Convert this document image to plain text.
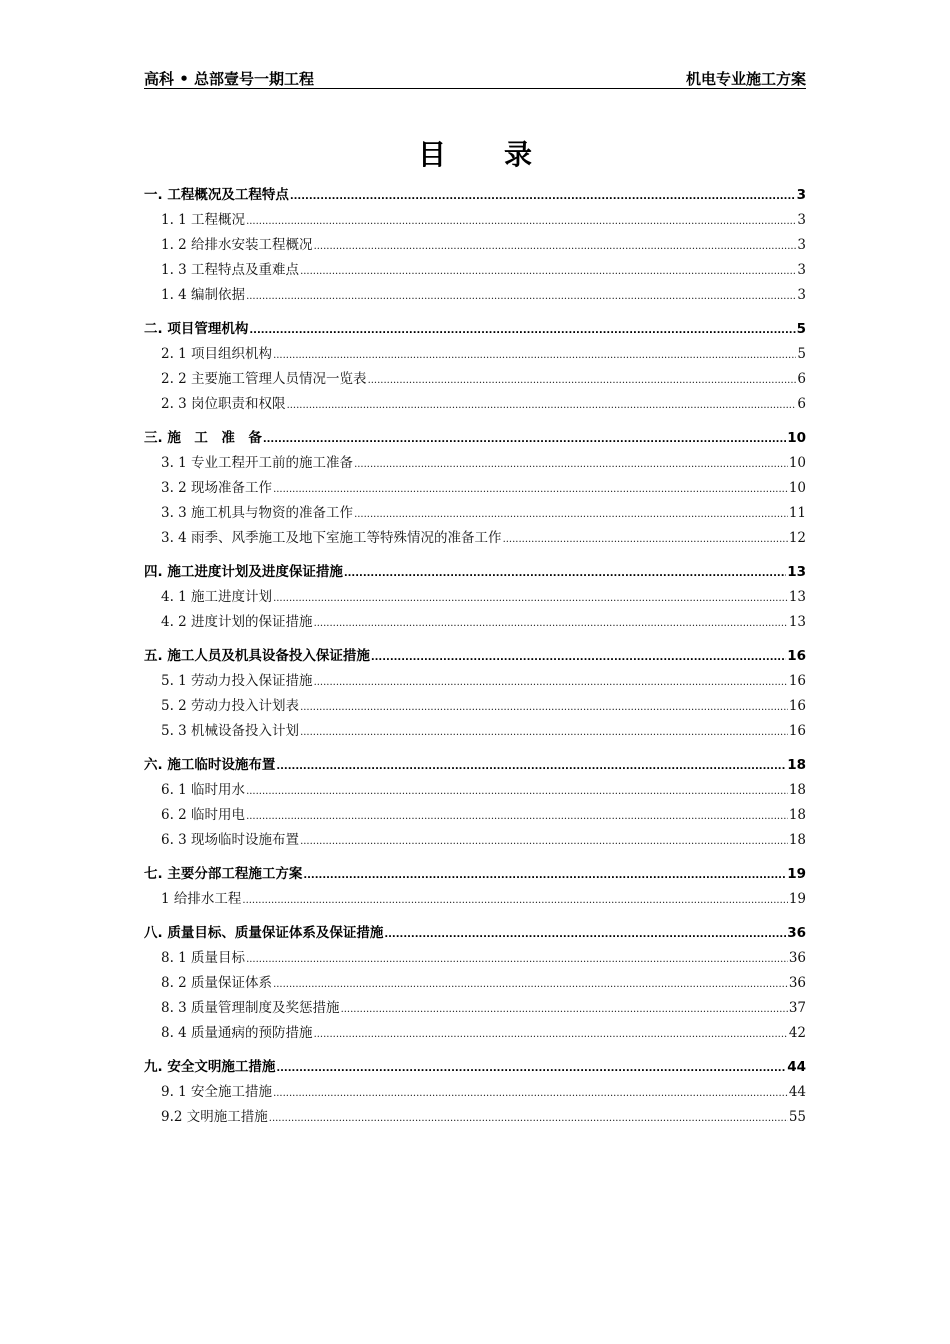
高科 • 总部壹号一期工程	机电专业施工方案
目录
一. 工程概况及工程特点 .....	3
1. 1 工程概况 .....	3
1. 2 给排水安装工程概况 .....	3
1. 3 工程特点及重难点 .....	3
1. 4 编制依据 .....	3
二. 项目管理机构 .....	5
2. 1 项目组织机构 .....	5
2. 2 主要施工管理人员情况一览表 .....	6
2. 3 岗位职责和权限 .....	6
三. 施　工　准　备 .....	10
3. 1 专业工程开工前的施工准备 .....	10
3. 2 现场准备工作 .....	10
3. 3 施工机具与物资的准备工作 .....	11
3. 4 雨季、风季施工及地下室施工等特殊情况的准备工作 .....	12
四. 施工进度计划及进度保证措施 .....	13
4. 1 施工进度计划 .....	13
4. 2 进度计划的保证措施 .....	13
五. 施工人员及机具设备投入保证措施 .....	16
5. 1 劳动力投入保证措施 .....	16
5. 2 劳动力投入计划表 .....	16
5. 3 机械设备投入计划 .....	16
六. 施工临时设施布置 .....	18
6. 1 临时用水 .....	18
6. 2 临时用电 .....	18
6. 3 现场临时设施布置 .....	18
七. 主要分部工程施工方案 .....	19
1 给排水工程 .....	19
八. 质量目标、质量保证体系及保证措施 .....	36
8. 1 质量目标 .....	36
8. 2 质量保证体系 .....	36
8. 3 质量管理制度及奖惩措施 .....	37
8. 4 质量通病的预防措施 .....	42
九. 安全文明施工措施 .....	44
9. 1 安全施工措施 .....	44
9.2 文明施工措施 .....	55
